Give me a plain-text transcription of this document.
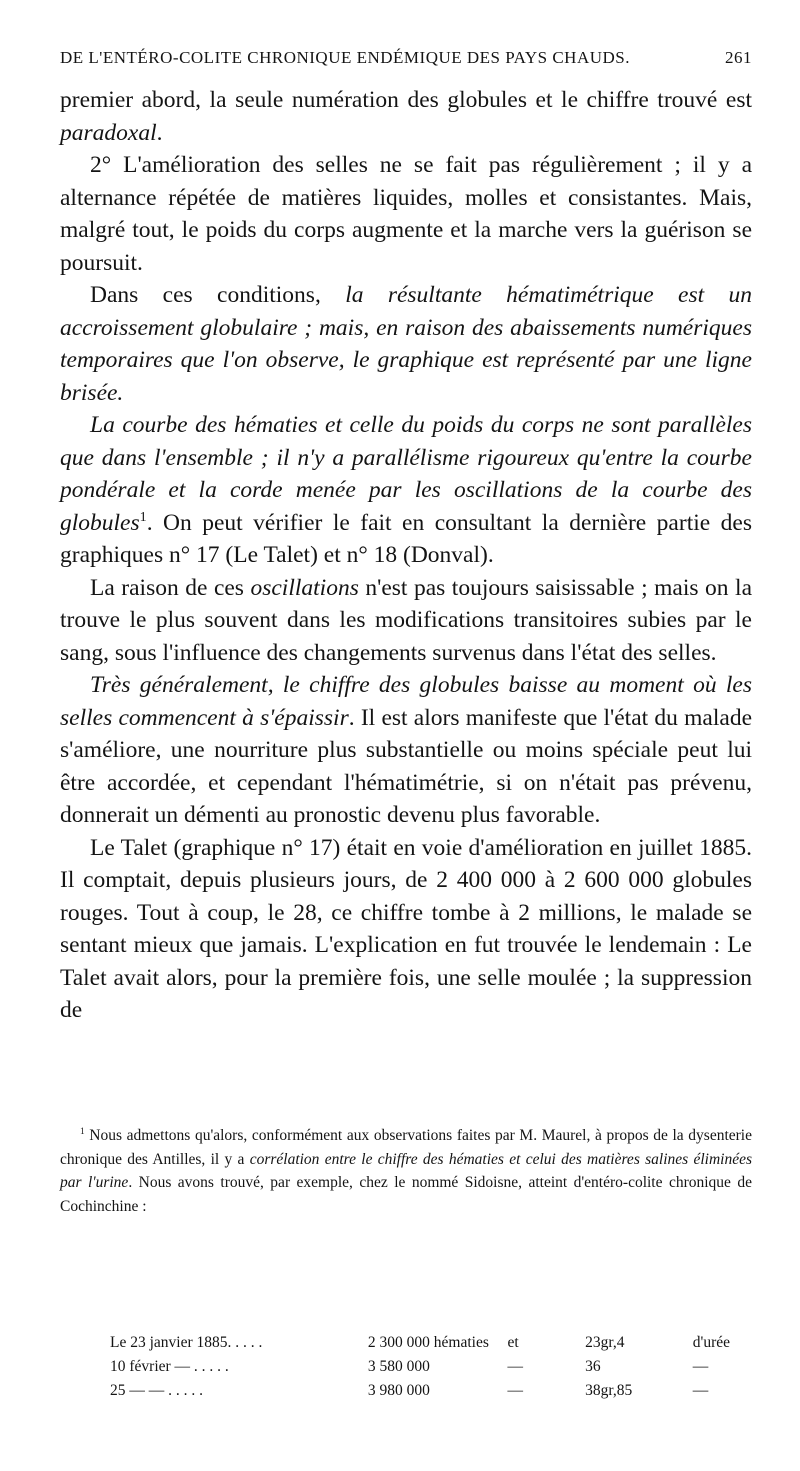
DE L'ENTÉRO-COLITE CHRONIQUE ENDÉMIQUE DES PAYS CHAUDS.	261

premier abord, la seule numération des globules et le chiffre trouvé est paradoxal.

2° L'amélioration des selles ne se fait pas régulièrement ; il y a alternance répétée de matières liquides, molles et consistantes. Mais, malgré tout, le poids du corps augmente et la marche vers la guérison se poursuit.

Dans ces conditions, la résultante hématimétrique est un accroissement globulaire ; mais, en raison des abaissements numériques temporaires que l'on observe, le graphique est représenté par une ligne brisée.

La courbe des hématies et celle du poids du corps ne sont parallèles que dans l'ensemble ; il n'y a parallélisme rigoureux qu'entre la courbe pondérale et la corde menée par les oscillations de la courbe des globules$^1$. On peut vérifier le fait en consultant la dernière partie des graphiques n° 17 (Le Talet) et n° 18 (Donval).

La raison de ces oscillations n'est pas toujours saisissable ; mais on la trouve le plus souvent dans les modifications transitoires subies par le sang, sous l'influence des changements survenus dans l'état des selles.

Très généralement, le chiffre des globules baisse au moment où les selles commencent à s'épaissir. Il est alors manifeste que l'état du malade s'améliore, une nourriture plus substantielle ou moins spéciale peut lui être accordée, et cependant l'hématimétrie, si on n'était pas prévenu, donnerait un démenti au pronostic devenu plus favorable.

Le Talet (graphique n° 17) était en voie d'amélioration en juillet 1885. Il comptait, depuis plusieurs jours, de 2 400 000 à 2 600 000 globules rouges. Tout à coup, le 28, ce chiffre tombe à 2 millions, le malade se sentant mieux que jamais. L'explication en fut trouvée le lendemain : Le Talet avait alors, pour la première fois, une selle moulée ; la suppression de

$^1$ Nous admettons qu'alors, conformément aux observations faites par M. Maurel, à propos de la dysenterie chronique des Antilles, il y a corrélation entre le chiffre des hématies et celui des matières salines éliminées par l'urine. Nous avons trouvé, par exemple, chez le nommé Sidoisne, atteint d'entéro-colite chronique de Cochinchine :

Le 23 janvier 1885. . . . .	2 300 000 hématies	et	23gr,4	d'urée
10 février — . . . . .	3 580 000	—	36	—
25 — — . . . . .	3 980 000	—	38gr,85	—
